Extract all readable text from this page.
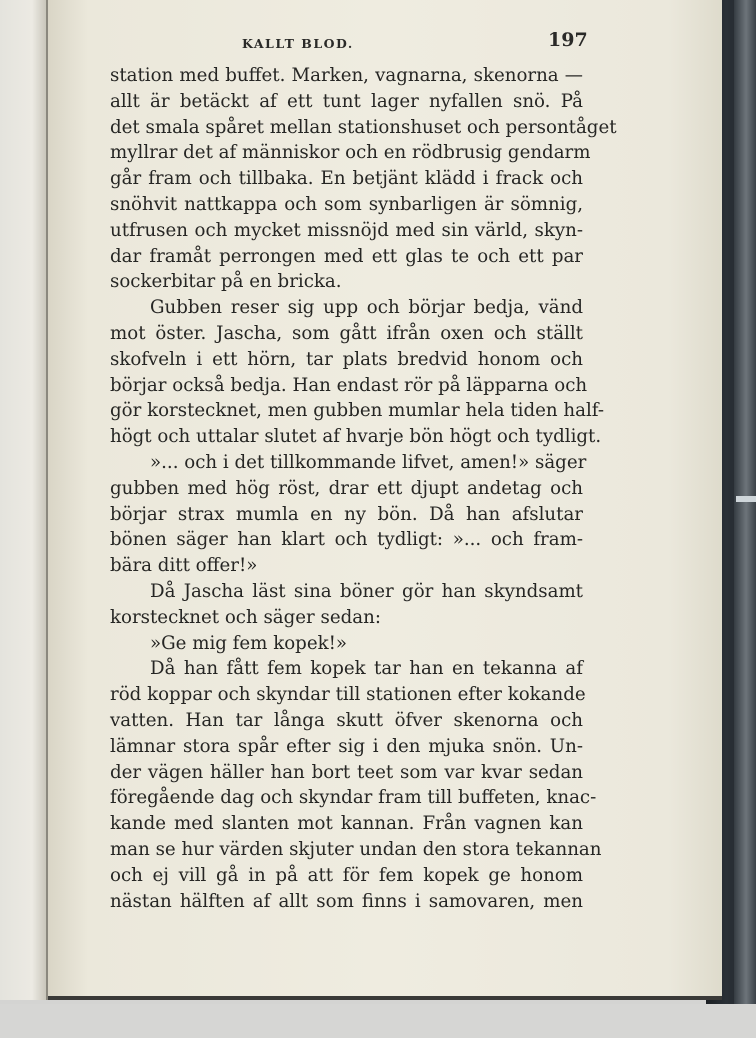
KALLT BLOD.	197
station med buffet. Marken, vagnarna, skenorna —
allt är betäckt af ett tunt lager nyfallen snö. På
det smala spåret mellan stationshuset och persontåget
myllrar det af människor och en rödbrusig gendarm
går fram och tillbaka. En betjänt klädd i frack och
snöhvit nattkappa och som synbarligen är sömnig,
utfrusen och mycket missnöjd med sin värld, skyn-
dar framåt perrongen med ett glas te och ett par
sockerbitar på en bricka.
Gubben reser sig upp och börjar bedja, vänd
mot öster. Jascha, som gått ifrån oxen och ställt
skofveln i ett hörn, tar plats bredvid honom och
börjar också bedja. Han endast rör på läpparna och
gör korstecknet, men gubben mumlar hela tiden half-
högt och uttalar slutet af hvarje bön högt och tydligt.
»... och i det tillkommande lifvet, amen!» säger
gubben med hög röst, drar ett djupt andetag och
börjar strax mumla en ny bön. Då han afslutar
bönen säger han klart och tydligt: »... och fram-
bära ditt offer!»
Då Jascha läst sina böner gör han skyndsamt
korstecknet och säger sedan:
»Ge mig fem kopek!»
Då han fått fem kopek tar han en tekanna af
röd koppar och skyndar till stationen efter kokande
vatten. Han tar långa skutt öfver skenorna och
lämnar stora spår efter sig i den mjuka snön. Un-
der vägen häller han bort teet som var kvar sedan
föregående dag och skyndar fram till buffeten, knac-
kande med slanten mot kannan. Från vagnen kan
man se hur värden skjuter undan den stora tekannan
och ej vill gå in på att för fem kopek ge honom
nästan hälften af allt som finns i samovaren, men
